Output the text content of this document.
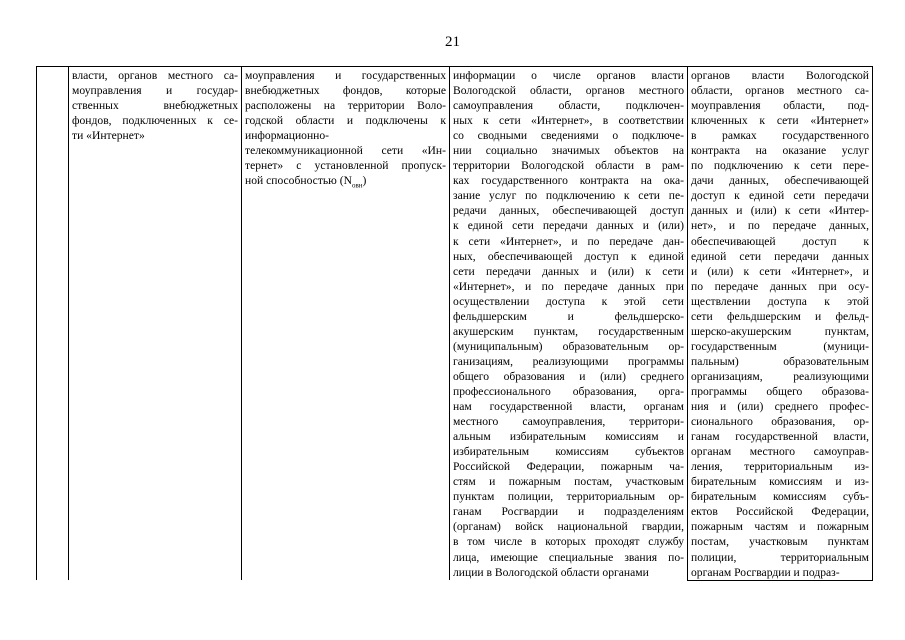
21

власти, органов местного са-
моуправления и государ-
ственных внебюджетных
фондов, подключенных к се-
ти «Интернет»

моуправления и государственных
внебюджетных фондов, которые
расположены на территории Воло-
годской области и подключены к
информационно-
телекоммуникационной сети «Ин-
тернет» с установленной пропуск-
ной способностью $(N_{овн})$

информации о числе органов власти
Вологодской области, органов местного
самоуправления области, подключен-
ных к сети «Интернет», в соответствии
со сводными сведениями о подключе-
нии социально значимых объектов на
территории Вологодской области в рам-
ках государственного контракта на ока-
зание услуг по подключению к сети пе-
редачи данных, обеспечивающей доступ
к единой сети передачи данных и (или)
к сети «Интернет», и по передаче дан-
ных, обеспечивающей доступ к единой
сети передачи данных и (или) к сети
«Интернет», и по передаче данных при
осуществлении доступа к этой сети
фельдшерским и фельдшерско-
акушерским пунктам, государственным
(муниципальным) образовательным ор-
ганизациям, реализующими программы
общего образования и (или) среднего
профессионального образования, орга-
нам государственной власти, органам
местного самоуправления, территори-
альным избирательным комиссиям и
избирательным комиссиям субъектов
Российской Федерации, пожарным ча-
стям и пожарным постам, участковым
пунктам полиции, территориальным ор-
ганам Росгвардии и подразделениям
(органам) войск национальной гвардии,
в том числе в которых проходят службу
лица, имеющие специальные звания по-
лиции в Вологодской области органами

органов власти Вологодской
области, органов местного са-
моуправления области, под-
ключенных к сети «Интернет»
в рамках государственного
контракта на оказание услуг
по подключению к сети пере-
дачи данных, обеспечивающей
доступ к единой сети передачи
данных и (или) к сети «Интер-
нет», и по передаче данных,
обеспечивающей доступ к
единой сети передачи данных
и (или) к сети «Интернет», и
по передаче данных при осу-
ществлении доступа к этой
сети фельдшерским и фельд-
шерско-акушерским пунктам,
государственным (муници-
пальным) образовательным
организациям, реализующими
программы общего образова-
ния и (или) среднего профес-
сионального образования, ор-
ганам государственной власти,
органам местного самоуправ-
ления, территориальным из-
бирательным комиссиям и из-
бирательным комиссиям субъ-
ектов Российской Федерации,
пожарным частям и пожарным
постам, участковым пунктам
полиции, территориальным
органам Росгвардии и подраз-
